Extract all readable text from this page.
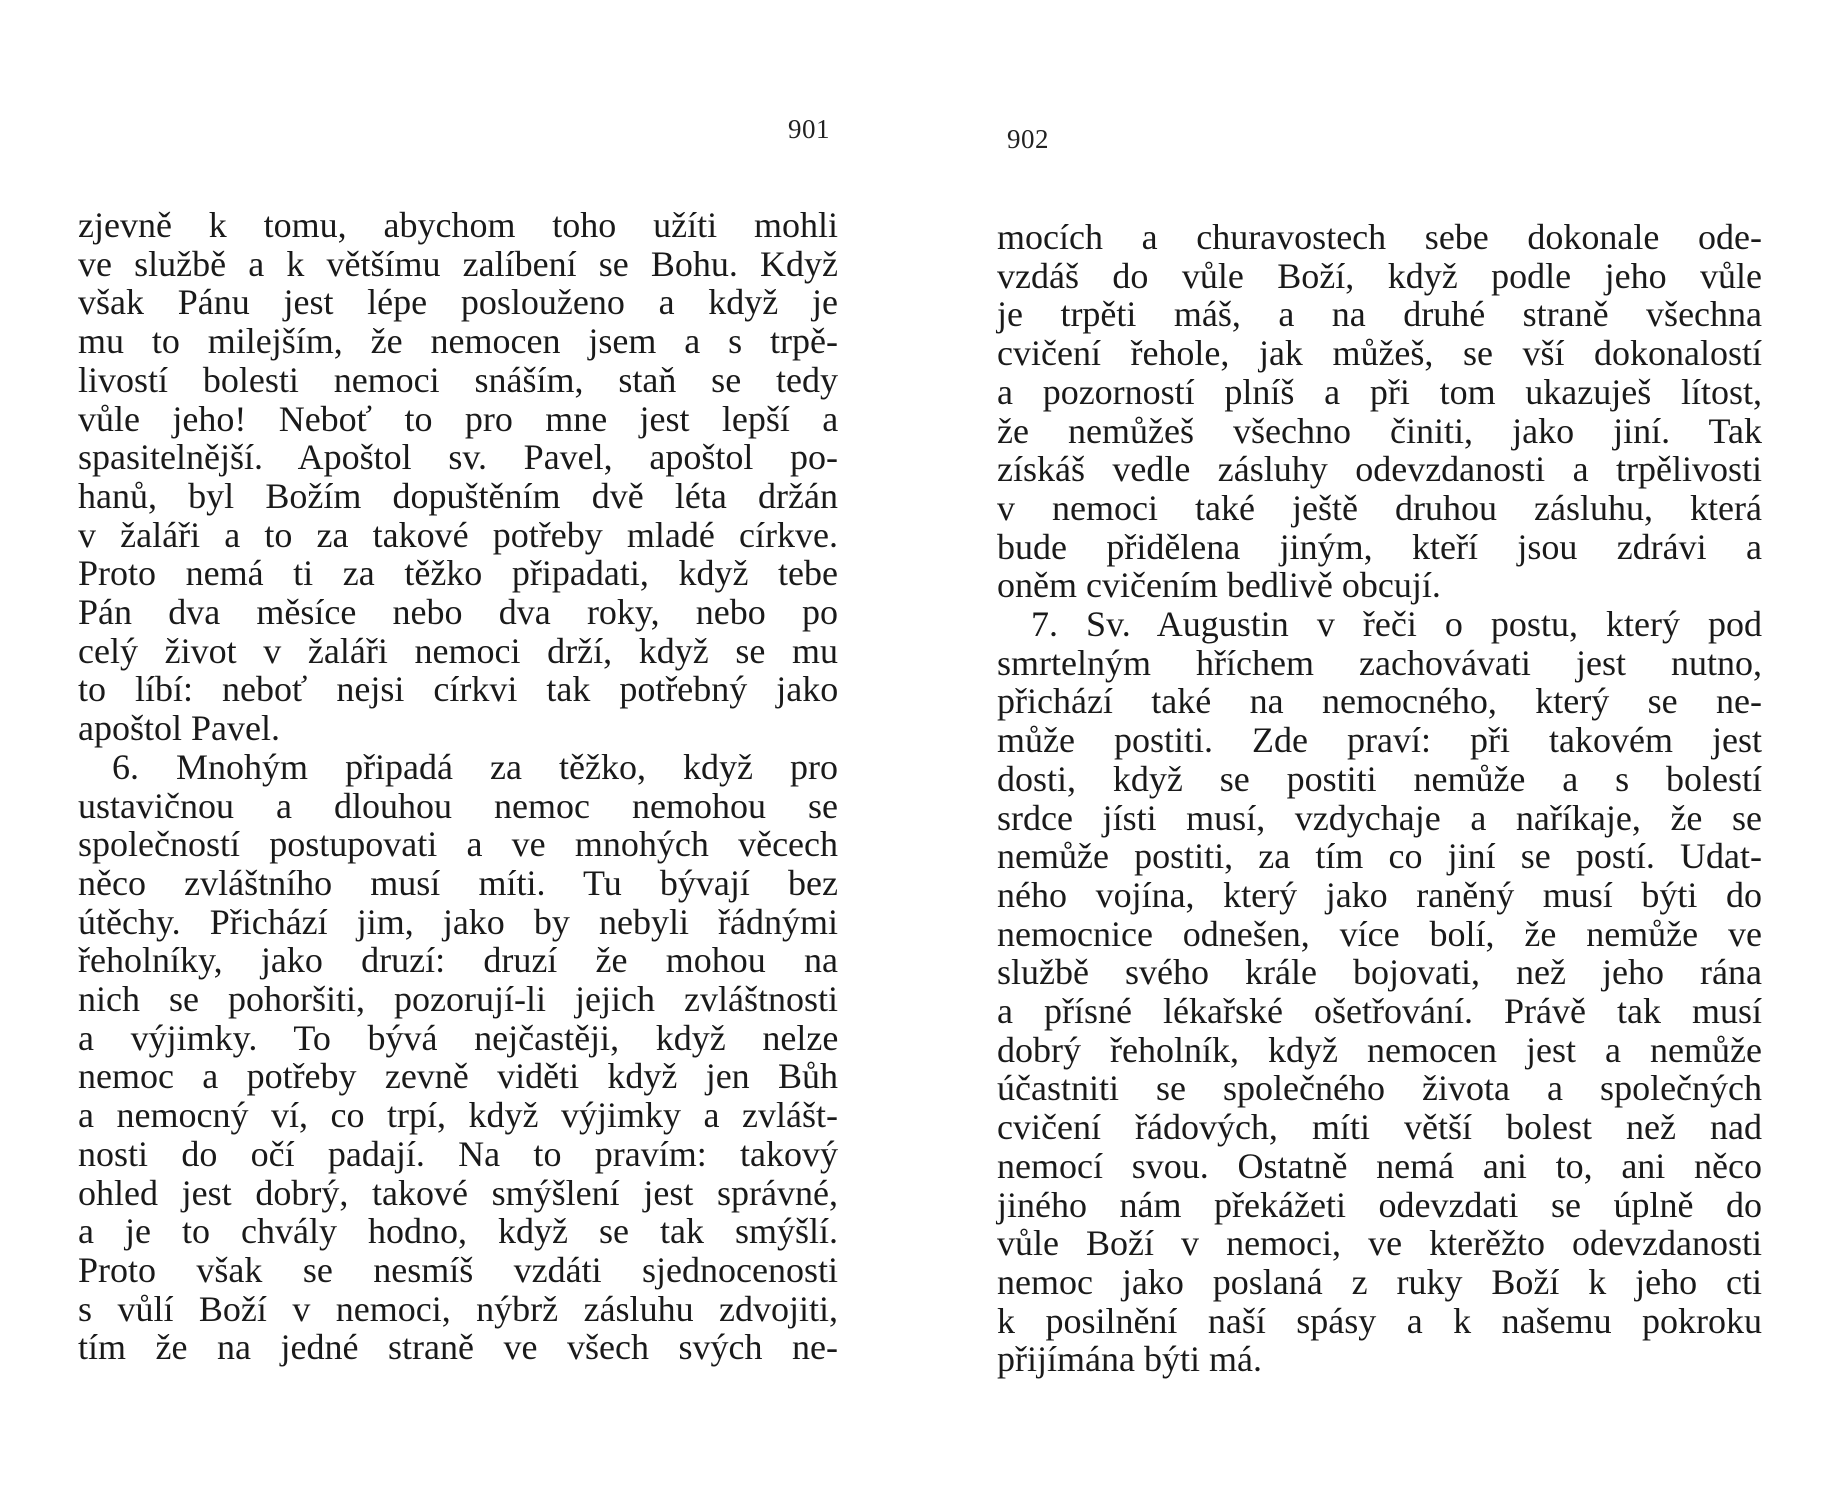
901
zjevně k tomu, abychom toho užíti mohli
ve službě a k většímu zalíbení se Bohu. Když
však Pánu jest lépe poslouženo a když je
mu to milejším, že nemocen jsem a s trpě-
livostí bolesti nemoci snáším, staň se tedy
vůle jeho! Neboť to pro mne jest lepší a
spasitelnější. Apoštol sv. Pavel, apoštol po-
hanů, byl Božím dopuštěním dvě léta držán
v žaláři a to za takové potřeby mladé církve.
Proto nemá ti za těžko připadati, když tebe
Pán dva měsíce nebo dva roky, nebo po
celý život v žaláři nemoci drží, když se mu
to líbí: neboť nejsi církvi tak potřebný jako
apoštol Pavel.
6. Mnohým připadá za těžko, když pro
ustavičnou a dlouhou nemoc nemohou se
společností postupovati a ve mnohých věcech
něco zvláštního musí míti. Tu bývají bez
útěchy. Přichází jim, jako by nebyli řádnými
řeholníky, jako druzí: druzí že mohou na
nich se pohoršiti, pozorují-li jejich zvláštnosti
a výjimky. To bývá nejčastěji, když nelze
nemoc a potřeby zevně viděti když jen Bůh
a nemocný ví, co trpí, když výjimky a zvlášt-
nosti do očí padají. Na to pravím: takový
ohled jest dobrý, takové smýšlení jest správné,
a je to chvály hodno, když se tak smýšlí.
Proto však se nesmíš vzdáti sjednocenosti
s vůlí Boží v nemoci, nýbrž zásluhu zdvojiti,
tím že na jedné straně ve všech svých ne-
902
mocích a churavostech sebe dokonale ode-
vzdáš do vůle Boží, když podle jeho vůle
je trpěti máš, a na druhé straně všechna
cvičení řehole, jak můžeš, se vší dokonalostí
a pozorností plníš a při tom ukazuješ lítost,
že nemůžeš všechno činiti, jako jiní. Tak
získáš vedle zásluhy odevzdanosti a trpělivosti
v nemoci také ještě druhou zásluhu, která
bude přidělena jiným, kteří jsou zdrávi a
oněm cvičením bedlivě obcují.
7. Sv. Augustin v řeči o postu, který pod
smrtelným hříchem zachovávati jest nutno,
přichází také na nemocného, který se ne-
může postiti. Zde praví: při takovém jest
dosti, když se postiti nemůže a s bolestí
srdce jísti musí, vzdychaje a naříkaje, že se
nemůže postiti, za tím co jiní se postí. Udat-
ného vojína, který jako raněný musí býti do
nemocnice odnešen, více bolí, že nemůže ve
službě svého krále bojovati, než jeho rána
a přísné lékařské ošetřování. Právě tak musí
dobrý řeholník, když nemocen jest a nemůže
účastniti se společného života a společných
cvičení řádových, míti větší bolest než nad
nemocí svou. Ostatně nemá ani to, ani něco
jiného nám překážeti odevzdati se úplně do
vůle Boží v nemoci, ve kterěžto odevzdanosti
nemoc jako poslaná z ruky Boží k jeho cti
k posilnění naší spásy a k našemu pokroku
přijímána býti má.
